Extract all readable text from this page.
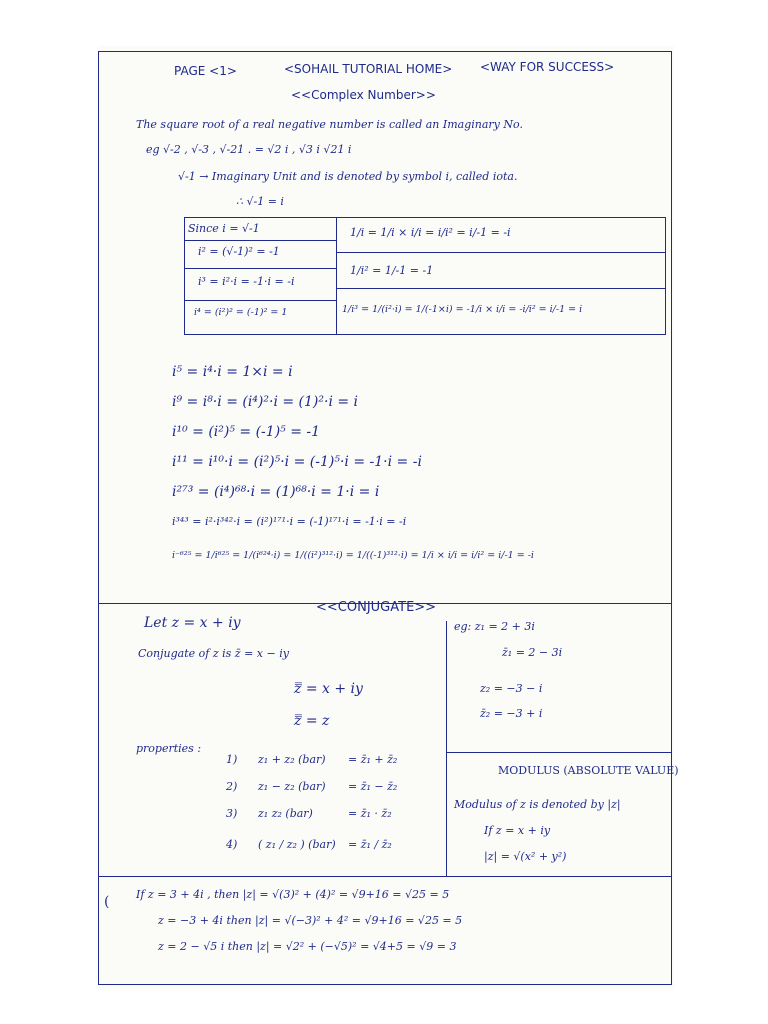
PAGE <1>	<SOHAIL TUTORIAL HOME> <WAY FOR SUCCESS>
<<Complex Number>>
The square root of a real negative number is called an Imaginary No.
eg √-2 , √-3 , √-21 . = √2 i , √3 i √21 i
√-1 → Imaginary Unit and is denoted by symbol i, called iota.
∴ √-1 = i
Since i = √-1
i² = (√-1)² = -1
i³ = i²·i = -1·i = -i
i⁴ = (i²)² = (-1)² = 1
1/i = 1/i × i/i = i/i² = i/-1 = -i
1/i² = 1/-1 = -1
1/i³ = 1/(i²·i) = 1/(-1×i) = -1/i × i/i = -i/i² = i/-1 = i
i⁵ = i⁴·i = 1×i = i
i⁹ = i⁸·i = (i⁴)²·i = (1)²·i = i
i¹⁰ = (i²)⁵ = (-1)⁵ = -1
i¹¹ = i¹⁰·i = (i²)⁵·i = (-1)⁵·i = -1·i = -i
i²⁷³ = (i⁴)⁶⁸·i = (1)⁶⁸·i = 1·i = i
i³⁴³ = i²·i³⁴²·i = (i²)¹⁷¹·i = (-1)¹⁷¹·i = -1·i = -i
i⁻⁶²⁵ = 1/i⁶²⁵ = 1/(i⁶²⁴·i) = 1/((i²)³¹²·i) = 1/((-1)³¹²·i) = 1/i × i/i = i/i² = i/-1 = -i
<<CONJUGATE>>
Let z = x + iy
Conjugate of z is z̄ = x − iy
z̿ = x + iy
z̿ = z
properties :
1) z₁ + z₂ (bar) = z̄₁ + z̄₂
2) z₁ − z₂ (bar) = z̄₁ − z̄₂
3) z₁ z₂ (bar)	= z̄₁ · z̄₂
4) ( z₁ / z₂ ) (bar) = z̄₁ / z̄₂
eg: z₁ = 2 + 3i
z̄₁ = 2 − 3i
z₂ = −3 − i
z̄₂ = −3 + i
MODULUS (ABSOLUTE VALUE)
Modulus of z is denoted by |z|
If z = x + iy
|z| = √(x² + y²)
If z = 3 + 4i , then |z| = √(3)² + (4)² = √9+16 = √25 = 5
z = −3 + 4i then |z| = √(−3)² + 4² = √9+16 = √25 = 5
z = 2 − √5 i then |z| = √2² + (−√5)² = √4+5 = √9 = 3
(
